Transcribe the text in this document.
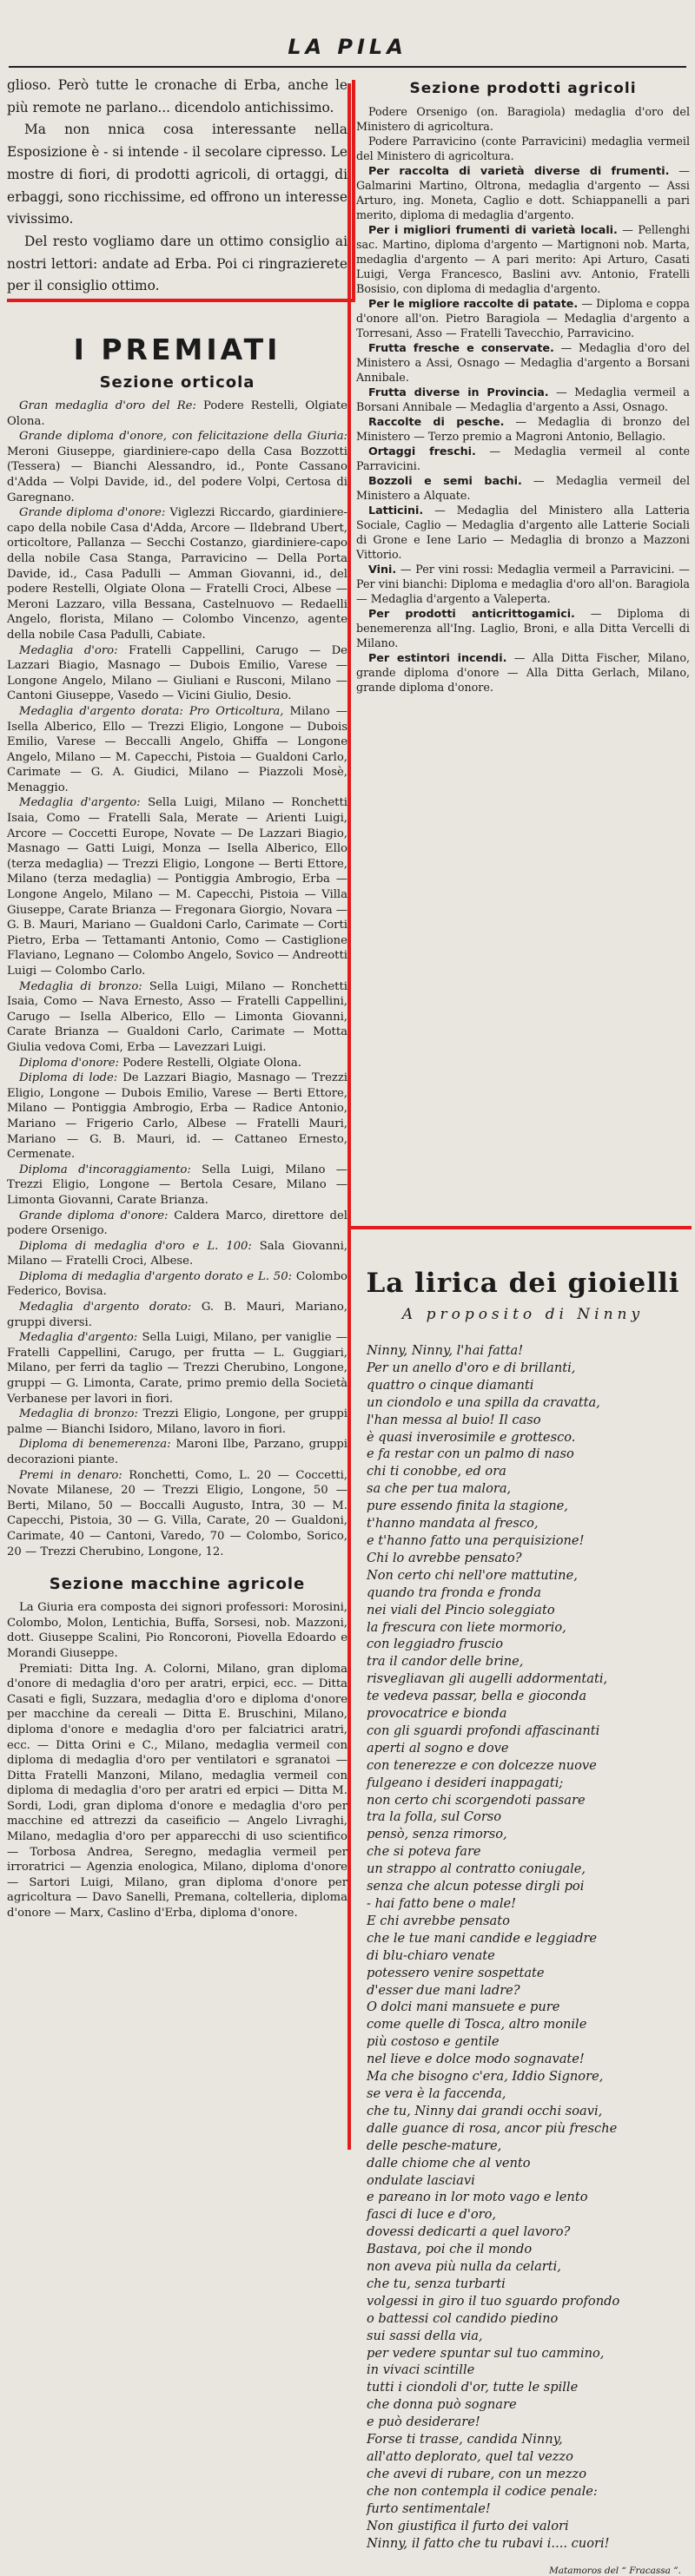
LA PILA

glioso. Però tutte le cronache di Erba, anche le più remote ne parlano... dicendolo antichissimo.

Ma non nnica cosa interessante nella Esposizione è - si intende - il secolare cipresso. Le mostre di fiori, di prodotti agricoli, di ortaggi, di erbaggi, sono ricchissime, ed offrono un interesse vivissimo.

Del resto vogliamo dare un ottimo consiglio ai nostri lettori: andate ad Erba. Poi ci ringrazierete per il consiglio ottimo.

I PREMIATI
Sezione orticola

Gran medaglia d'oro del Re: Podere Restelli, Olgiate Olona.

Grande diploma d'onore, con felicitazione della Giuria: Meroni Giuseppe, giardiniere-capo della Casa Bozzotti (Tessera) — Bianchi Alessandro, id., Ponte Cassano d'Adda — Volpi Davide, id., del podere Volpi, Certosa di Garegnano.

Grande diploma d'onore: Viglezzi Riccardo, giardiniere-capo della nobile Casa d'Adda, Arcore — Ildebrand Ubert, orticoltore, Pallanza — Secchi Costanzo, giardiniere-capo della nobile Casa Stanga, Parravicino — Della Porta Davide, id., Casa Padulli — Amman Giovanni, id., del podere Restelli, Olgiate Olona — Fratelli Croci, Albese — Meroni Lazzaro, villa Bessana, Castelnuovo — Redaelli Angelo, florista, Milano — Colombo Vincenzo, agente della nobile Casa Padulli, Cabiate.

Medaglia d'oro: Fratelli Cappellini, Carugo — De Lazzari Biagio, Masnago — Dubois Emilio, Varese — Longone Angelo, Milano — Giuliani e Rusconi, Milano — Cantoni Giuseppe, Vasedo — Vicini Giulio, Desio.

Medaglia d'argento dorata: Pro Orticoltura, Milano — Isella Alberico, Ello — Trezzi Eligio, Longone — Dubois Emilio, Varese — Beccalli Angelo, Ghiffa — Longone Angelo, Milano — M. Capecchi, Pistoia — Gualdoni Carlo, Carimate — G. A. Giudici, Milano — Piazzoli Mosè, Menaggio.

Medaglia d'argento: Sella Luigi, Milano — Ronchetti Isaia, Como — Fratelli Sala, Merate — Arienti Luigi, Arcore — Coccetti Europe, Novate — De Lazzari Biagio, Masnago — Gatti Luigi, Monza — Isella Alberico, Ello (terza medaglia) — Trezzi Eligio, Longone — Berti Ettore, Milano (terza medaglia) — Pontiggia Ambrogio, Erba — Longone Angelo, Milano — M. Capecchi, Pistoia — Villa Giuseppe, Carate Brianza — Fregonara Giorgio, Novara — G. B. Mauri, Mariano — Gualdoni Carlo, Carimate — Corti Pietro, Erba — Tettamanti Antonio, Como — Castiglione Flaviano, Legnano — Colombo Angelo, Sovico — Andreotti Luigi — Colombo Carlo.

Medaglia di bronzo: Sella Luigi, Milano — Ronchetti Isaia, Como — Nava Ernesto, Asso — Fratelli Cappellini, Carugo — Isella Alberico, Ello — Limonta Giovanni, Carate Brianza — Gualdoni Carlo, Carimate — Motta Giulia vedova Comi, Erba — Lavezzari Luigi.

Diploma d'onore: Podere Restelli, Olgiate Olona.

Diploma di lode: De Lazzari Biagio, Masnago — Trezzi Eligio, Longone — Dubois Emilio, Varese — Berti Ettore, Milano — Pontiggia Ambrogio, Erba — Radice Antonio, Mariano — Frigerio Carlo, Albese — Fratelli Mauri, Mariano — G. B. Mauri, id. — Cattaneo Ernesto, Cermenate.

Diploma d'incoraggiamento: Sella Luigi, Milano — Trezzi Eligio, Longone — Bertola Cesare, Milano — Limonta Giovanni, Carate Brianza.

Grande diploma d'onore: Caldera Marco, direttore del podere Orsenigo.

Diploma di medaglia d'oro e L. 100: Sala Giovanni, Milano — Fratelli Croci, Albese.

Diploma di medaglia d'argento dorato e L. 50: Colombo Federico, Bovisa.

Medaglia d'argento dorato: G. B. Mauri, Mariano, gruppi diversi.

Medaglia d'argento: Sella Luigi, Milano, per vaniglie — Fratelli Cappellini, Carugo, per frutta — L. Guggiari, Milano, per ferri da taglio — Trezzi Cherubino, Longone, gruppi — G. Limonta, Carate, primo premio della Società Verbanese per lavori in fiori.

Medaglia di bronzo: Trezzi Eligio, Longone, per gruppi palme — Bianchi Isidoro, Milano, lavoro in fiori.

Diploma di benemerenza: Maroni Ilbe, Parzano, gruppi decorazioni piante.

Premi in denaro: Ronchetti, Como, L. 20 — Coccetti, Novate Milanese, 20 — Trezzi Eligio, Longone, 50 — Berti, Milano, 50 — Boccalli Augusto, Intra, 30 — M. Capecchi, Pistoia, 30 — G. Villa, Carate, 20 — Gualdoni, Carimate, 40 — Cantoni, Varedo, 70 — Colombo, Sorico, 20 — Trezzi Cherubino, Longone, 12.

Sezione macchine agricole

La Giuria era composta dei signori professori: Morosini, Colombo, Molon, Lentichia, Buffa, Sorsesi, nob. Mazzoni, dott. Giuseppe Scalini, Pio Roncoroni, Piovella Edoardo e Morandi Giuseppe.

Premiati: Ditta Ing. A. Colorni, Milano, gran diploma d'onore di medaglia d'oro per aratri, erpici, ecc. — Ditta Casati e figli, Suzzara, medaglia d'oro e diploma d'onore per macchine da cereali — Ditta E. Bruschini, Milano, diploma d'onore e medaglia d'oro per falciatrici aratri, ecc. — Ditta Orini e C., Milano, medaglia vermeil con diploma di medaglia d'oro per ventilatori e sgranatoi — Ditta Fratelli Manzoni, Milano, medaglia vermeil con diploma di medaglia d'oro per aratri ed erpici — Ditta M. Sordi, Lodi, gran diploma d'onore e medaglia d'oro per macchine ed attrezzi da caseificio — Angelo Livraghi, Milano, medaglia d'oro per apparecchi di uso scientifico — Torbosa Andrea, Seregno, medaglia vermeil per irroratrici — Agenzia enologica, Milano, diploma d'onore — Sartori Luigi, Milano, gran diploma d'onore per agricoltura — Davo Sanelli, Premana, coltelleria, diploma d'onore — Marx, Caslino d'Erba, diploma d'onore.

Sezione prodotti agricoli

Podere Orsenigo (on. Baragiola) medaglia d'oro del Ministero di agricoltura.

Podere Parravicino (conte Parravicini) medaglia vermeil del Ministero di agricoltura.

Per raccolta di varietà diverse di frumenti. — Galmarini Martino, Oltrona, medaglia d'argento — Assi Arturo, ing. Moneta, Caglio e dott. Schiappanelli a pari merito, diploma di medaglia d'argento.

Per i migliori frumenti di varietà locali. — Pellenghi sac. Martino, diploma d'argento — Martignoni nob. Marta, medaglia d'argento — A pari merito: Api Arturo, Casati Luigi, Verga Francesco, Baslini avv. Antonio, Fratelli Bosisio, con diploma di medaglia d'argento.

Per le migliore raccolte di patate. — Diploma e coppa d'onore all'on. Pietro Baragiola — Medaglia d'argento a Torresani, Asso — Fratelli Tavecchio, Parravicino.

Frutta fresche e conservate. — Medaglia d'oro del Ministero a Assi, Osnago — Medaglia d'argento a Borsani Annibale.

Frutta diverse in Provincia. — Medaglia vermeil a Borsani Annibale — Medaglia d'argento a Assi, Osnago.

Raccolte di pesche. — Medaglia di bronzo del Ministero — Terzo premio a Magroni Antonio, Bellagio.

Ortaggi freschi. — Medaglia vermeil al conte Parravicini.

Bozzoli e semi bachi. — Medaglia vermeil del Ministero a Alquate.

Latticini. — Medaglia del Ministero alla Latteria Sociale, Caglio — Medaglia d'argento alle Latterie Sociali di Grone e Iene Lario — Medaglia di bronzo a Mazzoni Vittorio.

Vini. — Per vini rossi: Medaglia vermeil a Parravicini. — Per vini bianchi: Diploma e medaglia d'oro all'on. Baragiola — Medaglia d'argento a Valeperta.

Per prodotti anticrittogamici. — Diploma di benemerenza all'Ing. Laglio, Broni, e alla Ditta Vercelli di Milano.

Per estintori incendi. — Alla Ditta Fischer, Milano, grande diploma d'onore — Alla Ditta Gerlach, Milano, grande diploma d'onore.

La lirica dei gioielli
A proposito di Ninny
Ninny, Ninny, l'hai fatta!
Per un anello d'oro e di brillanti,
quattro o cinque diamanti
un ciondolo e una spilla da cravatta,
l'han messa al buio! Il caso
è quasi inverosimile e grottesco.
e fa restar con un palmo di naso
chi ti conobbe, ed ora
sa che per tua malora,
pure essendo finita la stagione,
t'hanno mandata al fresco,
e t'hanno fatto una perquisizione!
Chi lo avrebbe pensato?
Non certo chi nell'ore mattutine,
quando tra fronda e fronda
nei viali del Pincio soleggiato
la frescura con liete mormorio,
con leggiadro fruscio
tra il candor delle brine,
risvegliavan gli augelli addormentati,
te vedeva passar, bella e gioconda
provocatrice e bionda
con gli sguardi profondi affascinanti
aperti al sogno e dove
con tenerezze e con dolcezze nuove
fulgeano i desideri inappagati;
non certo chi scorgendoti passare
tra la folla, sul Corso
pensò, senza rimorso,
che si poteva fare
un strappo al contratto coniugale,
senza che alcun potesse dirgli poi
- hai fatto bene o male!
E chi avrebbe pensato
che le tue mani candide e leggiadre
di blu-chiaro venate
potessero venire sospettate
d'esser due mani ladre?
O dolci mani mansuete e pure
come quelle di Tosca, altro monile
più costoso e gentile
nel lieve e dolce modo sognavate!
Ma che bisogno c'era, Iddio Signore,
se vera è la faccenda,
che tu, Ninny dai grandi occhi soavi,
dalle guance di rosa, ancor più fresche
delle pesche-mature,
dalle chiome che al vento
ondulate lasciavi
e pareano in lor moto vago e lento
fasci di luce e d'oro,
dovessi dedicarti a quel lavoro?
Bastava, poi che il mondo
non aveva più nulla da celarti,
che tu, senza turbarti
volgessi in giro il tuo sguardo profondo
o battessi col candido piedino
sui sassi della via,
per vedere spuntar sul tuo cammino,
in vivaci scintille
tutti i ciondoli d'or, tutte le spille
che donna può sognare
e può desiderare!
Forse ti trasse, candida Ninny,
all'atto deplorato, quel tal vezzo
che avevi di rubare, con un mezzo
che non contempla il codice penale:
furto sentimentale!
Non giustifica il furto dei valori
Ninny, il fatto che tu rubavi i.... cuori!
Matamoros del “ Fracassa ”.
